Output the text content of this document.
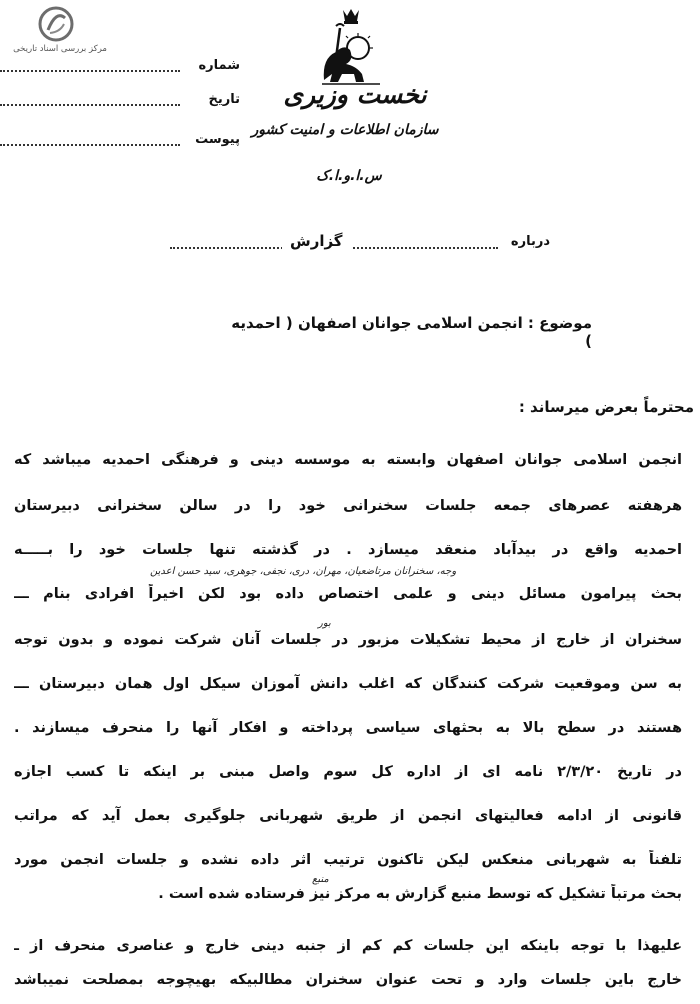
مرکز بررسی اسناد تاریخی
شماره
تاریخ
پیوست
نخست وزیری
سازمان اطلاعات و امنیت کشور
س.ا.و.ا.ک
گزارش	درباره
موضوع : انجمن اسلامی جوانان اصفهان ( احمدیه )
محترماً بعرض میرساند :
انجمن اسلامی جوانان اصفهان وابسته به موسسه دینی و فرهنگی احمدیه میباشد که
هرهفته عصرهای جمعه جلسات سخنرانی خود را در سالن سخنرانی دبیرستان
احمدیه واقع در بیدآباد منعقد میسازد . در گذشته تنها جلسات خود را بـــــه
وجه، سخنرانان مرتاضعیان، مهران، دری، نجفی، جوهری، سید حسن اعدین
بحث پیرامون مسائل دینی و علمی اختصاص داده بود لکن اخیراً افرادی بنام ـــ
بور
سخنران از خارج از محیط تشکیلات مزبور در جلسات آنان شرکت نموده و بدون توجه
به سن وموقعیت شرکت کنندگان که اغلب دانش آموزان سیکل اول همان دبیرستان ـــ
هستند در سطح بالا به بحثهای سیاسی پرداخته و افکار آنها را منحرف میسازند .
در تاریخ ۲/۳/۲۰ نامه ای از اداره کل سوم واصل مبنی بر اینکه تا کسب اجازه
قانونی از ادامه فعالیتهای انجمن از طریق شهربانی جلوگیری بعمل آید که مراتب
تلفناً به شهربانی منعکس لیکن تاکنون ترتیب اثر داده نشده و جلسات انجمن مورد
منبع
بحث مرتباً تشکیل که توسط منبع گزارش به مرکز نیز فرستاده شده است .
علیهذا با توجه باینکه این جلسات کم کم از جنبه دینی خارج و عناصری منحرف از ـ
خارج باین جلسات وارد و تحت عنوان سخنران مطالبیکه بهیچوجه بمصلحت نمیباشد
